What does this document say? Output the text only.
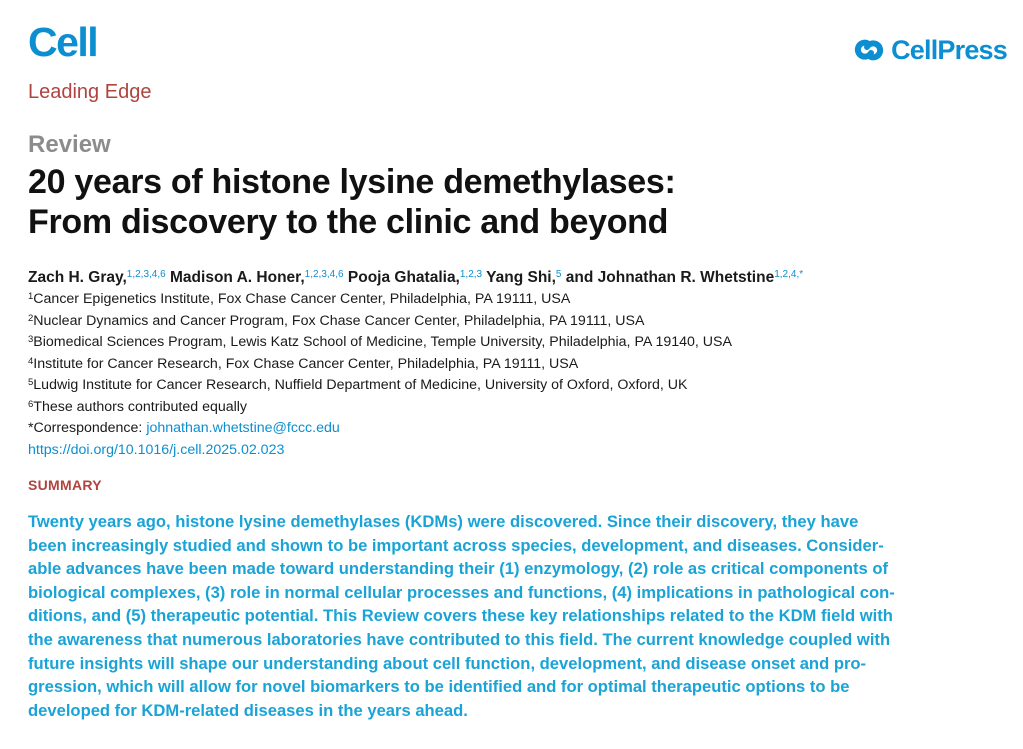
Cell
Leading Edge
CellPress
Review
20 years of histone lysine demethylases:
From discovery to the clinic and beyond
Zach H. Gray,$^{1,2,3,4,6}$ Madison A. Honer,$^{1,2,3,4,6}$ Pooja Ghatalia,$^{1,2,3}$ Yang Shi,$^5$ and Johnathan R. Whetstine$^{1,2,4,*}$
$^1$Cancer Epigenetics Institute, Fox Chase Cancer Center, Philadelphia, PA 19111, USA
$^2$Nuclear Dynamics and Cancer Program, Fox Chase Cancer Center, Philadelphia, PA 19111, USA
$^3$Biomedical Sciences Program, Lewis Katz School of Medicine, Temple University, Philadelphia, PA 19140, USA
$^4$Institute for Cancer Research, Fox Chase Cancer Center, Philadelphia, PA 19111, USA
$^5$Ludwig Institute for Cancer Research, Nuffield Department of Medicine, University of Oxford, Oxford, UK
$^6$These authors contributed equally
*Correspondence: johnathan.whetstine@fccc.edu
https://doi.org/10.1016/j.cell.2025.02.023
SUMMARY

Twenty years ago, histone lysine demethylases (KDMs) were discovered. Since their discovery, they have
been increasingly studied and shown to be important across species, development, and diseases. Consider-
able advances have been made toward understanding their (1) enzymology, (2) role as critical components of
biological complexes, (3) role in normal cellular processes and functions, (4) implications in pathological con-
ditions, and (5) therapeutic potential. This Review covers these key relationships related to the KDM field with
the awareness that numerous laboratories have contributed to this field. The current knowledge coupled with
future insights will shape our understanding about cell function, development, and disease onset and pro-
gression, which will allow for novel biomarkers to be identified and for optimal therapeutic options to be
developed for KDM-related diseases in the years ahead.
